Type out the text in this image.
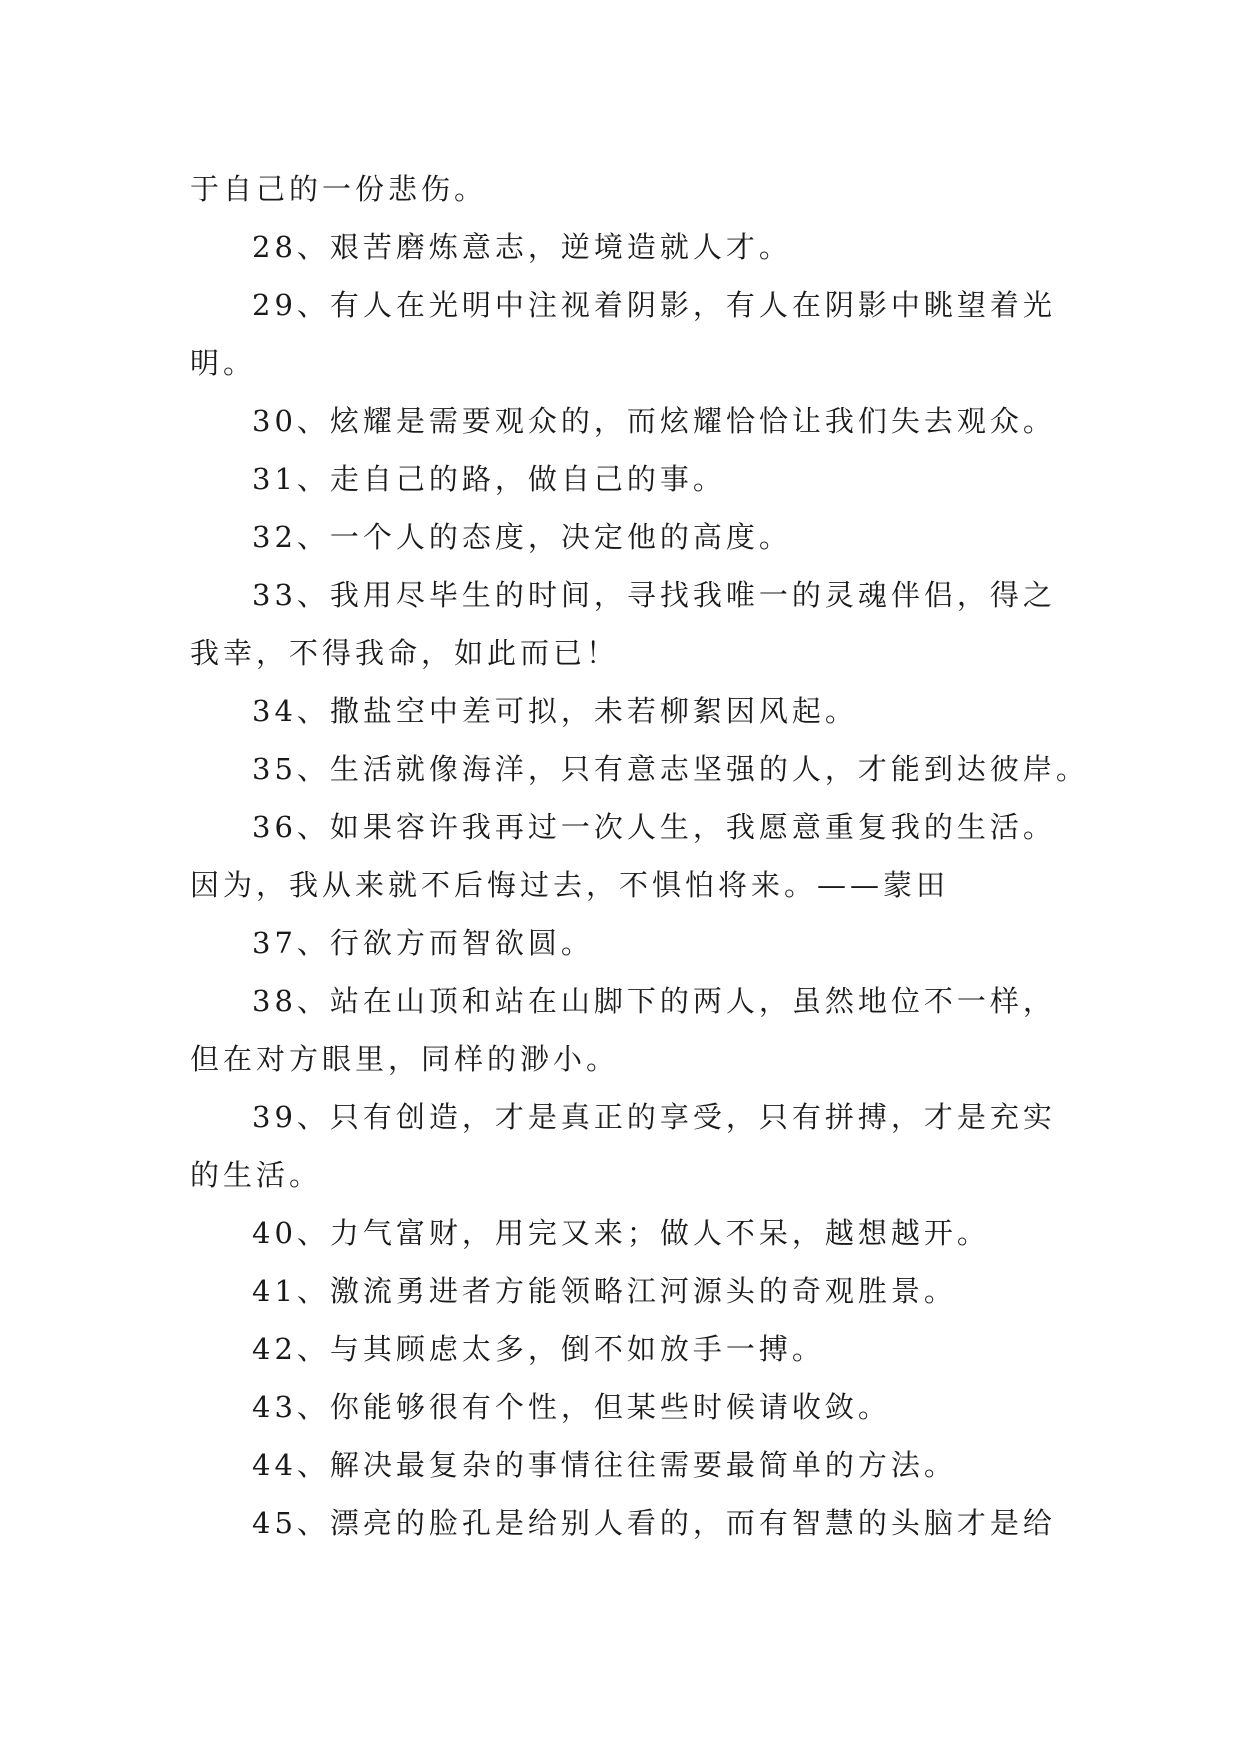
于自己的一份悲伤。

28、艰苦磨炼意志，逆境造就人才。

29、有人在光明中注视着阴影，有人在阴影中眺望着光

明。

30、炫耀是需要观众的，而炫耀恰恰让我们失去观众。

31、走自己的路，做自己的事。

32、一个人的态度，决定他的高度。

33、我用尽毕生的时间，寻找我唯一的灵魂伴侣，得之

我幸，不得我命，如此而已！

34、撒盐空中差可拟，未若柳絮因风起。

35、生活就像海洋，只有意志坚强的人，才能到达彼岸。

36、如果容许我再过一次人生，我愿意重复我的生活。

因为，我从来就不后悔过去，不惧怕将来。——蒙田

37、行欲方而智欲圆。

38、站在山顶和站在山脚下的两人，虽然地位不一样，

但在对方眼里，同样的渺小。

39、只有创造，才是真正的享受，只有拼搏，才是充实

的生活。

40、力气富财，用完又来；做人不呆，越想越开。

41、激流勇进者方能领略江河源头的奇观胜景。

42、与其顾虑太多，倒不如放手一搏。

43、你能够很有个性，但某些时候请收敛。

44、解决最复杂的事情往往需要最简单的方法。

45、漂亮的脸孔是给别人看的，而有智慧的头脑才是给
